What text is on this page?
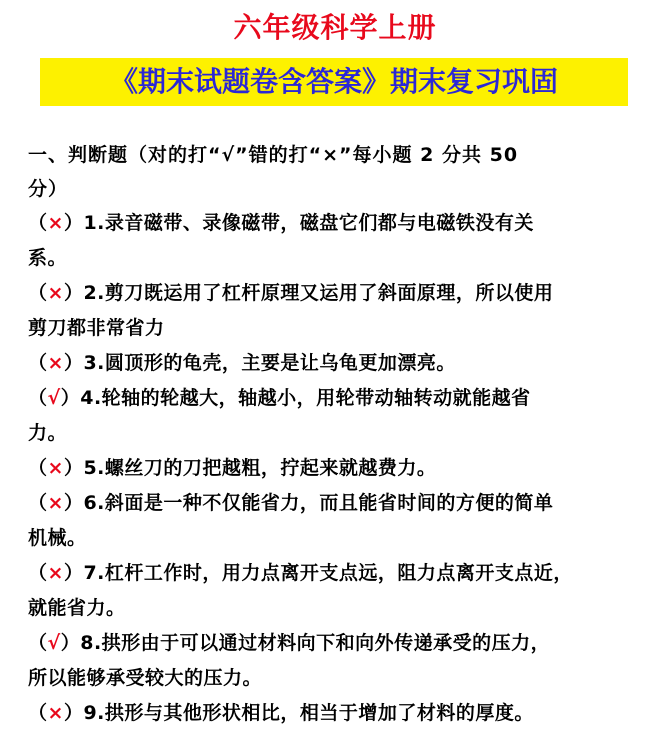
六年级科学上册
《期末试题卷含答案》期末复习巩固

一、判断题（对的打“√”错的打“×”每小题 2 分共 50
分）

（×）1.录音磁带、录像磁带，磁盘它们都与电磁铁没有关
系。

（×）2.剪刀既运用了杠杆原理又运用了斜面原理，所以使用
剪刀都非常省力

（×）3.圆顶形的龟壳，主要是让乌龟更加漂亮。

（√）4.轮轴的轮越大，轴越小，用轮带动轴转动就能越省
力。

（×）5.螺丝刀的刀把越粗，拧起来就越费力。

（×）6.斜面是一种不仅能省力，而且能省时间的方便的简单
机械。

（×）7.杠杆工作时，用力点离开支点远，阻力点离开支点近，
就能省力。

（√）8.拱形由于可以通过材料向下和向外传递承受的压力，
所以能够承受较大的压力。

（×）9.拱形与其他形状相比，相当于增加了材料的厚度。
